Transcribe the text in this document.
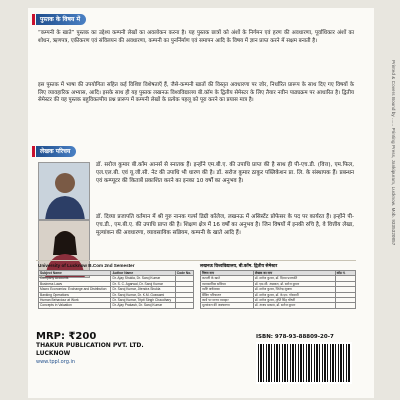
पुस्तक के विषय में

“कम्पनी के खाते” पुस्तक का उद्देश्य कम्पनी लेखों का अवलोकन करना है। यह पुस्तक छात्रों को अंशों के निर्गमन एवं हरण की अवधारणा, पूर्वाधिकार अंशों का शोधन, ऋणपत्र, एकीकरण एवं संविलयन की अवधारणा, कम्पनी का पुनर्निर्माण एवं समापन आदि के विषय में ज्ञान प्राप्त करने में सक्षम बनाती है।

इस पुस्तक में भाषा की उपयोगिता सहित कई विशिष्ट विशेषताएँ हैं, जैसे-कम्पनी खातों की विस्तृत अवधारणा पर जोर, निर्धारित प्रारूप के साथ दिए गए विषयों के लिए व्यावहारिक अभ्यास, आदि। इसके साथ ही यह पुस्तक लखनऊ विश्वविद्यालय बी.कॉम के द्वितीय सेमेस्टर के लिए तैयार नवीन पाठ्यक्रम पर आधारित है। द्वितीय सेमेस्टर की यह पुस्तक बहुविकल्पीय प्रश्न प्रारूप में कम्पनी लेखों के प्रत्येक पहलू को पूरा करने का प्रयास मात्र है।

लेखक परिचय

डॉ. सरोज कुमार बी.कॉम आनर्स से स्नातक हैं। इन्होंने एम.बी.ए. की उपाधि प्राप्त की है साथ ही पी-एच.डी. (वित्त), एम.फिल, एल.एल.बी. एवं यू.जी.सी. नेट की उपाधि भी धारण की है। डॉ. सरोज कुमार ठाकुर पब्लिकेशन प्रा. लि. के संस्थापक हैं। प्रबन्धन एवं कम्प्यूटर की किताबें प्रकाशित करने का इनका 10 वर्षों का अनुभव है।

डॉ. दिव्या प्रजापति वर्तमान में श्री गुरु नानक गर्ल्स डिग्री कॉलेज, लखनऊ में असिस्टेंट प्रोफेसर के पद पर कार्यरत हैं। इन्होंने पी-एच.डी., एम.बी.ए. की उपाधि प्राप्त की है। शिक्षण क्षेत्र में 16 वर्षों का अनुभव है। जिन विषयों में इनकी रुचि है, वे वित्तीय लेखा, मूल्यांकन की अवधारणा, व्यावसायिक सन्नियम, कम्पनी के खाते आदि हैं।

University of Lucknow B.Com 2nd Semester	लखनऊ विश्वविद्यालय, बी.कॉम. द्वितीय सेमेस्टर
Subject Name	Author Name	Code No.
Company Accounts	Dr. Ajay Shukla, Dr. Saroj Kumar	
Business Laws	Dr. S. C. Agarwal, Dr. Saroj Kumar	
Macro Economics: Exchange and Distribution	Dr. Saroj Kumar, Jitendra Shukla	
Banking Operations	Dr. Saroj Kumar, Dr. K.M. Goswami	
Human Behaviour at Work	Dr. Saroj Kumar, Tripti Singh Chaudhary	
Concepts in Valuation	Dr. Ajay Prakash, Dr. Saroj Kumar	
विषय नाम	लेखक का नाम	कोड नं.
कम्पनी के खाते	डॉ. सरोज कुमार, डॉ. दिव्या प्रजापति	
व्यावसायिक सन्नियम	डॉ. एस.सी. अग्रवाल, डॉ. सरोज कुमार	
व्यष्टि अर्थशास्त्र	डॉ. सरोज कुमार, जितेन्द्र शुक्ला	
बैंकिंग परिचालन	डॉ. सरोज कुमार, डॉ. के.एम. गोस्वामी	
कार्य पर मानव व्यवहार	डॉ. सरोज कुमार, तृप्ति सिंह चौधरी	
मूल्यांकन की अवधारणा	डॉ. अजय प्रकाश, डॉ. सरोज कुमार	
MRP: ₹200
THAKUR PUBLICATION PVT. LTD.
LUCKNOW
www.tppl.org.in
ISBN: 978-93-88809-20-7
Printed & Covers Bound by ...... Printing Press, Jankipuram, Lucknow. Mob. 9335320857
